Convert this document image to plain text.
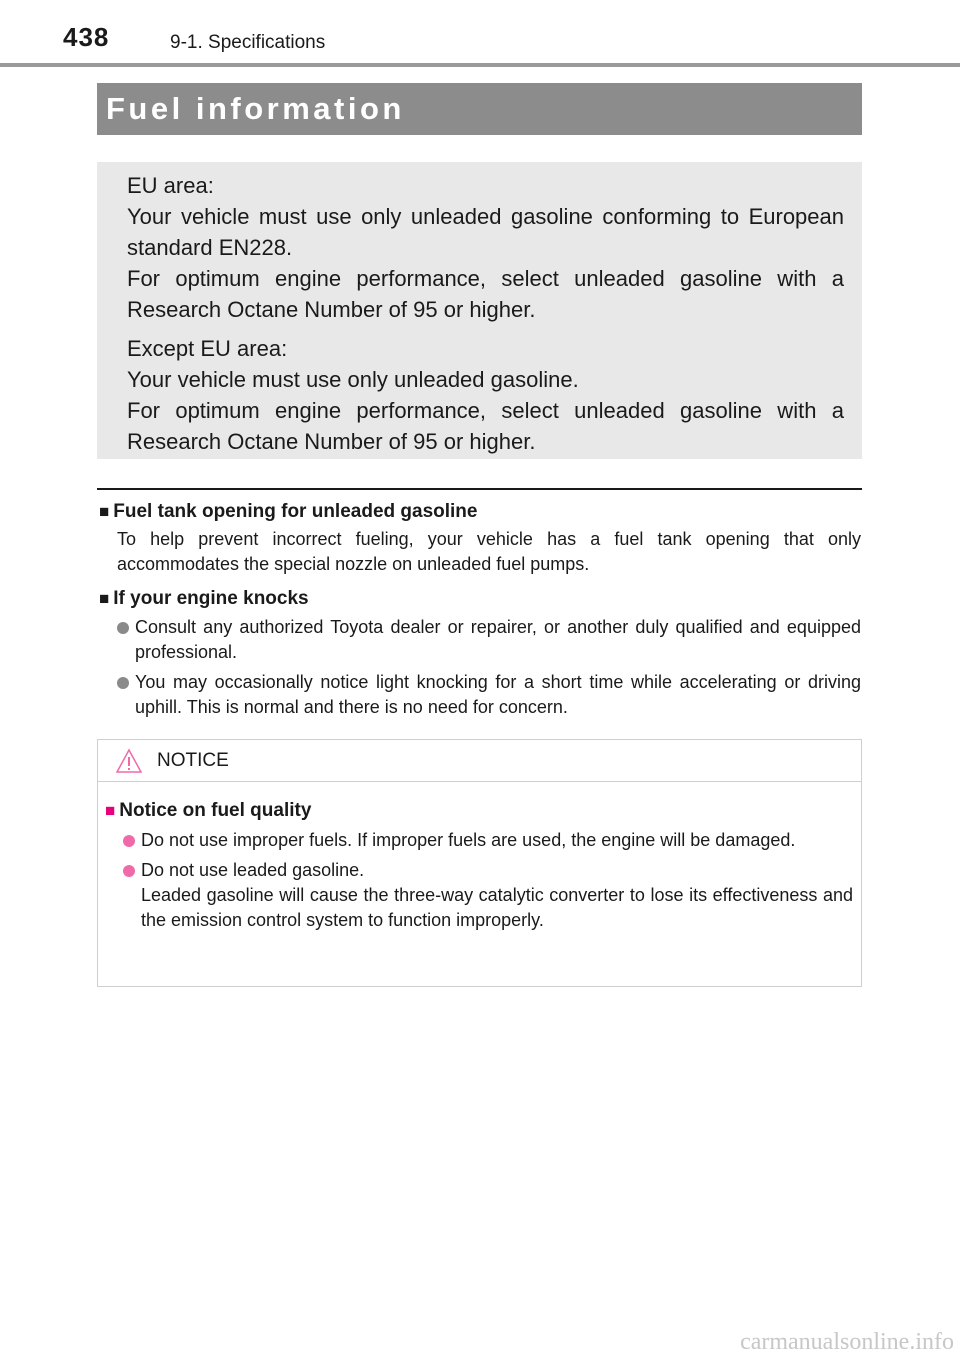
438	9-1. Specifications
Fuel information

EU area:

Your vehicle must use only unleaded gasoline conforming to European standard EN228.

For optimum engine performance, select unleaded gasoline with a Research Octane Number of 95 or higher.

Except EU area:

Your vehicle must use only unleaded gasoline.

For optimum engine performance, select unleaded gasoline with a Research Octane Number of 95 or higher.

■ Fuel tank opening for unleaded gasoline

To help prevent incorrect fueling, your vehicle has a fuel tank opening that only accommodates the special nozzle on unleaded fuel pumps.

■ If your engine knocks

Consult any authorized Toyota dealer or repairer, or another duly qualified and equipped professional.
You may occasionally notice light knocking for a short time while accelerating or driving uphill. This is normal and there is no need for concern.
NOTICE

■ Notice on fuel quality

Do not use improper fuels. If improper fuels are used, the engine will be damaged.
Do not use leaded gasoline.
Leaded gasoline will cause the three-way catalytic converter to lose its effectiveness and the emission control system to function improperly.
carmanualsonline.info
